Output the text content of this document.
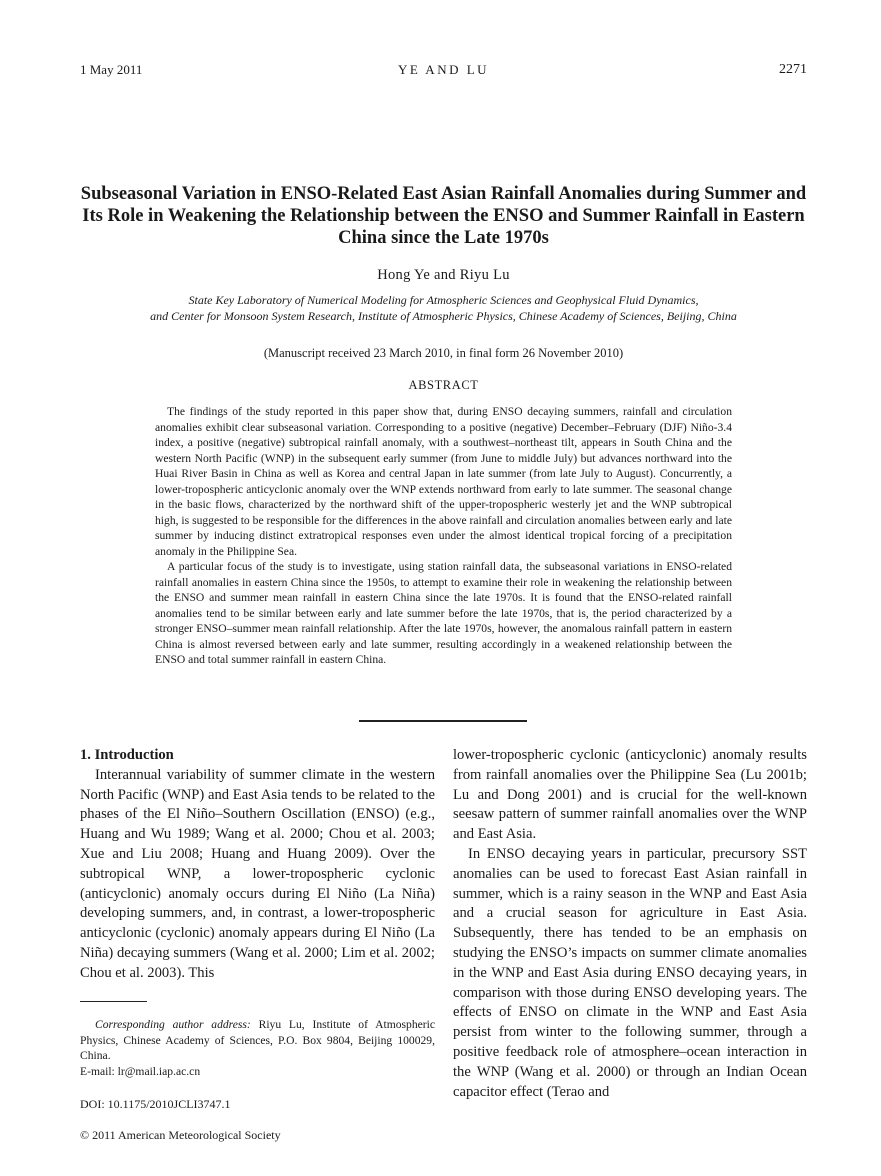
1 May 2011	YE AND LU	2271
Subseasonal Variation in ENSO-Related East Asian Rainfall Anomalies during Summer and Its Role in Weakening the Relationship between the ENSO and Summer Rainfall in Eastern China since the Late 1970s

Hong Ye and Riyu Lu

State Key Laboratory of Numerical Modeling for Atmospheric Sciences and Geophysical Fluid Dynamics,
and Center for Monsoon System Research, Institute of Atmospheric Physics, Chinese Academy of Sciences, Beijing, China

(Manuscript received 23 March 2010, in final form 26 November 2010)

ABSTRACT

The findings of the study reported in this paper show that, during ENSO decaying summers, rainfall and circulation anomalies exhibit clear subseasonal variation. Corresponding to a positive (negative) December–February (DJF) Niño-3.4 index, a positive (negative) subtropical rainfall anomaly, with a southwest–northeast tilt, appears in South China and the western North Pacific (WNP) in the subsequent early summer (from June to middle July) but advances northward into the Huai River Basin in China as well as Korea and central Japan in late summer (from late July to August). Concurrently, a lower-tropospheric anticyclonic anomaly over the WNP extends northward from early to late summer. The seasonal change in the basic flows, characterized by the northward shift of the upper-tropospheric westerly jet and the WNP subtropical high, is suggested to be responsible for the differences in the above rainfall and circulation anomalies between early and late summer by inducing distinct extratropical responses even under the almost identical tropical forcing of a precipitation anomaly in the Philippine Sea.

A particular focus of the study is to investigate, using station rainfall data, the subseasonal variations in ENSO-related rainfall anomalies in eastern China since the 1950s, to attempt to examine their role in weakening the relationship between the ENSO and summer mean rainfall in eastern China since the late 1970s. It is found that the ENSO-related rainfall anomalies tend to be similar between early and late summer before the late 1970s, that is, the period characterized by a stronger ENSO–summer mean rainfall relationship. After the late 1970s, however, the anomalous rainfall pattern in eastern China is almost reversed between early and late summer, resulting accordingly in a weakened relationship between the ENSO and total summer rainfall in eastern China.

1. Introduction

Interannual variability of summer climate in the western North Pacific (WNP) and East Asia tends to be related to the phases of the El Niño–Southern Oscillation (ENSO) (e.g., Huang and Wu 1989; Wang et al. 2000; Chou et al. 2003; Xue and Liu 2008; Huang and Huang 2009). Over the subtropical WNP, a lower-tropospheric cyclonic (anticyclonic) anomaly occurs during El Niño (La Niña) developing summers, and, in contrast, a lower-tropospheric anticyclonic (cyclonic) anomaly appears during El Niño (La Niña) decaying summers (Wang et al. 2000; Lim et al. 2002; Chou et al. 2003). This

lower-tropospheric cyclonic (anticyclonic) anomaly results from rainfall anomalies over the Philippine Sea (Lu 2001b; Lu and Dong 2001) and is crucial for the well-known seesaw pattern of summer rainfall anomalies over the WNP and East Asia.

In ENSO decaying years in particular, precursory SST anomalies can be used to forecast East Asian rainfall in summer, which is a rainy season in the WNP and East Asia and a crucial season for agriculture in East Asia. Subsequently, there has tended to be an emphasis on studying the ENSO’s impacts on summer climate anomalies in the WNP and East Asia during ENSO decaying years, in comparison with those during ENSO developing years. The effects of ENSO on climate in the WNP and East Asia persist from winter to the following summer, through a positive feedback role of atmosphere–ocean interaction in the WNP (Wang et al. 2000) or through an Indian Ocean capacitor effect (Terao and

Corresponding author address: Riyu Lu, Institute of Atmospheric Physics, Chinese Academy of Sciences, P.O. Box 9804, Beijing 100029, China.

E-mail: lr@mail.iap.ac.cn

DOI: 10.1175/2010JCLI3747.1
© 2011 American Meteorological Society
